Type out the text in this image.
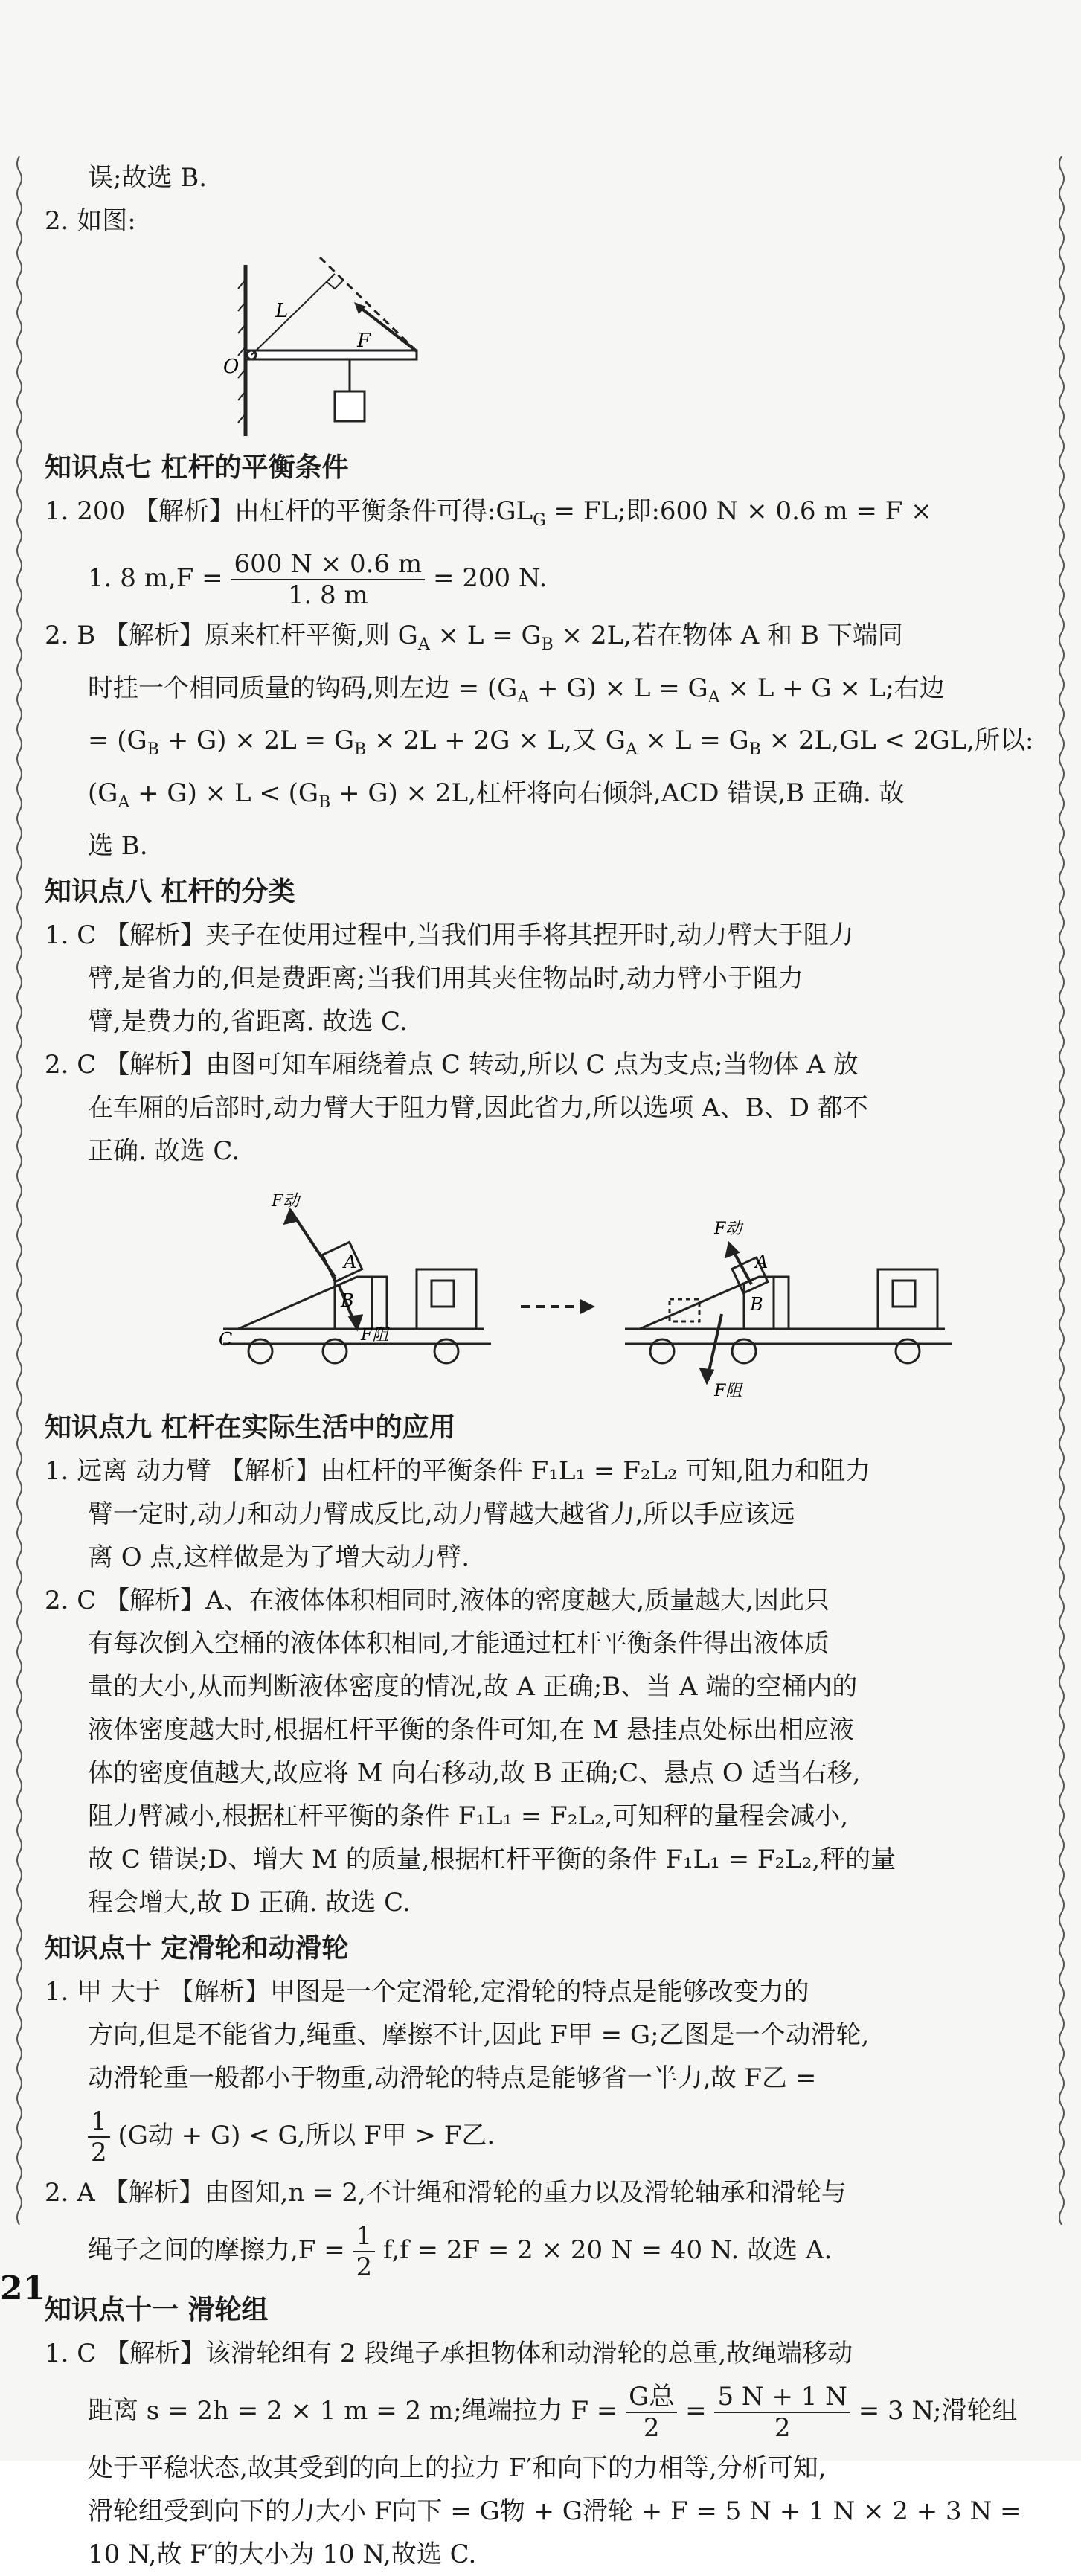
误;故选 B.
2. 如图:
L
F
O
知识点七 杠杆的平衡条件
1. 200 【解析】由杠杆的平衡条件可得$:GL_G$ = FL;即:600 N × 0.6 m = F ×
1. 8 $m,F = \frac{600 N \times 0.6 m}{1. 8 m} = 200$ N.
2. B 【解析】原来杠杆平衡,则 $G_A \times L = G_B \times 2L$,若在物体 A 和 B 下端同
时挂一个相同质量的钩码,则左边 = $(G_A + G) \times L = G_A \times L + G \times L$;右边
= $(G_B + G) \times 2L = G_B \times 2L + 2G \times L$,又 $G_A \times L = G_B \times 2L,GL < 2GL$,所以:
$(G_A + G) \times L < (G_B + G) \times 2L$,杠杆将向右倾斜,ACD 错误,B 正确. 故
选 B.
知识点八 杠杆的分类
1. C 【解析】夹子在使用过程中,当我们用手将其捏开时,动力臂大于阻力
臂,是省力的,但是费距离;当我们用其夹住物品时,动力臂小于阻力
臂,是费力的,省距离. 故选 C.
2. C 【解析】由图可知车厢绕着点 C 转动,所以 C 点为支点;当物体 A 放
在车厢的后部时,动力臂大于阻力臂,因此省力,所以选项 A、B、D 都不
正确. 故选 C.
F动
F阻
A
B
C
F动
F阻
A
B
知识点九 杠杆在实际生活中的应用
1. 远离 动力臂 【解析】由杠杆的平衡条件 F₁L₁ = F₂L₂ 可知,阻力和阻力
臂一定时,动力和动力臂成反比,动力臂越大越省力,所以手应该远
离 O 点,这样做是为了增大动力臂.
2. C 【解析】A、在液体体积相同时,液体的密度越大,质量越大,因此只
有每次倒入空桶的液体体积相同,才能通过杠杆平衡条件得出液体质
量的大小,从而判断液体密度的情况,故 A 正确;B、当 A 端的空桶内的
液体密度越大时,根据杠杆平衡的条件可知,在 M 悬挂点处标出相应液
体的密度值越大,故应将 M 向右移动,故 B 正确;C、悬点 O 适当右移,
阻力臂减小,根据杠杆平衡的条件 F₁L₁ = F₂L₂,可知秤的量程会减小,
故 C 错误;D、增大 M 的质量,根据杠杆平衡的条件 F₁L₁ = F₂L₂,秤的量
程会增大,故 D 正确. 故选 C.
知识点十 定滑轮和动滑轮
1. 甲 大于 【解析】甲图是一个定滑轮,定滑轮的特点是能够改变力的
方向,但是不能省力,绳重、摩擦不计,因此 F甲 = G;乙图是一个动滑轮,
动滑轮重一般都小于物重,动滑轮的特点是能够省一半力,故 F乙 =
$\frac{1}{2} (G$动 + G) < G,所以 F甲 > F乙.
2. A 【解析】由图知,n = 2,不计绳和滑轮的重力以及滑轮轴承和滑轮与
绳子之间的摩擦力$,F = \frac{1}{2} f,f = 2F = 2 \times 20$ N = 40 N. 故选 A.
知识点十一 滑轮组
1. C 【解析】该滑轮组有 2 段绳子承担物体和动滑轮的总重,故绳端移动
距离 s = 2h = 2 × 1 m = 2 m;绳端拉力 $F = \frac{\text{G总}}{2} = \frac{5 N + 1 N}{2} = 3$ N;滑轮组
处于平稳状态,故其受到的向上的拉力 F′和向下的力相等,分析可知,
滑轮组受到向下的力大小 F向下 = G物 + G滑轮 + F = 5 N + 1 N × 2 + 3 N =
10 N,故 F′的大小为 10 N,故选 C.
21
